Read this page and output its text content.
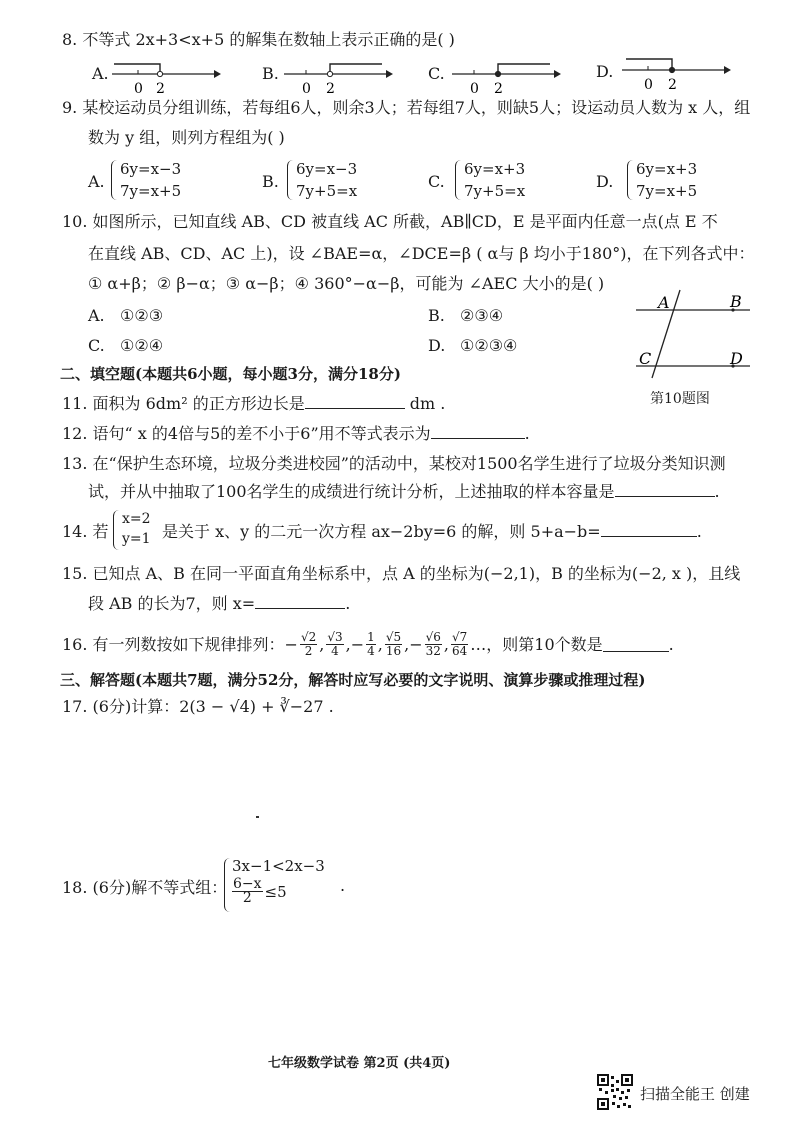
8. 不等式 2x+3<x+5 的解集在数轴上表示正确的是( )
A.
0 2
B.
0 2
C.
0 2
D.
0 2
9. 某校运动员分组训练，若每组6人，则余3人；若每组7人，则缺5人；设运动员人数为 x 人，组
数为 y 组，则列方程组为( )
A.
6y=x−3
7y=x+5	B.
6y=x−3
7y+5=x	C.
6y=x+3
7y+5=x	D.
6y=x+3
7y=x+5
10. 如图所示，已知直线 AB、CD 被直线 AC 所截，AB∥CD，E 是平面内任意一点(点 E 不
在直线 AB、CD、AC 上)，设 ∠BAE=α，∠DCE=β ( α与 β 均小于180°)，在下列各式中：
① α+β；② β−α；③ α−β；④ 360°−α−β，可能为 ∠AEC 大小的是( )
A. ①②③	B. ②③④
C. ①②④	D. ①②③④
A	B
C	D
第10题图
二、填空题(本题共6小题，每小题3分，满分18分)
11. 面积为 6dm² 的正方形边长是	dm .
12. 语句“ x 的4倍与5的差不小于6”用不等式表示为	.
13. 在“保护生态环境，垃圾分类进校园”的活动中，某校对1500名学生进行了垃圾分类知识测
试，并从中抽取了100名学生的成绩进行统计分析，上述抽取的样本容量是	.
14. 若
x=2
y=1 是关于 x、y 的二元一次方程 ax−2by=6 的解，则 5+a−b=	.
15. 已知点 A、B 在同一平面直角坐标系中，点 A 的坐标为(−2,1)，B 的坐标为(−2, x )，且线
段 AB 的长为7，则 x=	.
16. 有一列数按如下规律排列： − $\frac{√2}{2}$ , $\frac{√3}{4}$ , − $\frac{1}{4}$ , $\frac{√5}{16}$ , − $\frac{√6}{32}$ , $\frac{√7}{64}$ …，则第10个数是	.
三、解答题(本题共7题，满分52分，解答时应写必要的文字说明、演算步骤或推理过程)
17. (6分)计算：2(3 − √4) + ∛−27 .
18. (6分)解不等式组：
3x−1<2x−3
$\frac{6-x}{2} \le 5$	.
七年级数学试卷 第2页 (共4页)
扫描全能王 创建
